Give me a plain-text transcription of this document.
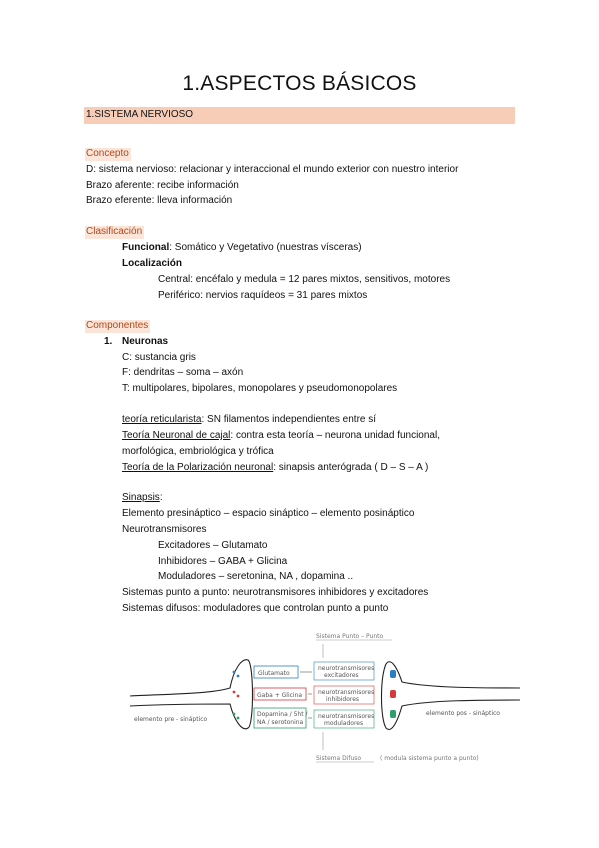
1.ASPECTOS BÁSICOS
1.SISTEMA NERVIOSO
Concepto
D: sistema nervioso: relacionar y interaccional el mundo exterior con nuestro interior
Brazo aferente: recibe información
Brazo eferente: lleva información
Clasificación
Funcional: Somático y Vegetativo (nuestras vísceras)
Localización
Central: encéfalo y medula = 12 pares mixtos, sensitivos, motores
Periférico: nervios raquídeos = 31 pares mixtos
Componentes
1. Neuronas
C: sustancia gris
F: dendritas – soma – axón
T: multipolares, bipolares, monopolares y pseudomonopolares
teoría reticularista: SN filamentos independientes entre sí
Teoría Neuronal de cajal: contra esta teoría – neurona unidad funcional,
morfológica, embriológica y trófica
Teoría de la Polarización neuronal: sinapsis anterógrada ( D – S – A )
Sinapsis:
Elemento presináptico – espacio sináptico – elemento posináptico
Neurotransmisores
Excitadores – Glutamato
Inhibidores – GABA + Glicina
Moduladores – seretonina, NA , dopamina ..
Sistemas punto a punto: neurotransmisores inhibidores y excitadores
Sistemas difusos: moduladores que controlan punto a punto
Sistema Punto – Punto
Glutamato
Gaba + Glicina
Dopamina / 5ht /
NA / serotonina
neurotransmisores
excitadores
neurotransmisores
inhibidores
neurotransmisores
moduladores
elemento pre - sináptico
elemento pos - sináptico
Sistema Difuso	( modula sistema punto a punto)
